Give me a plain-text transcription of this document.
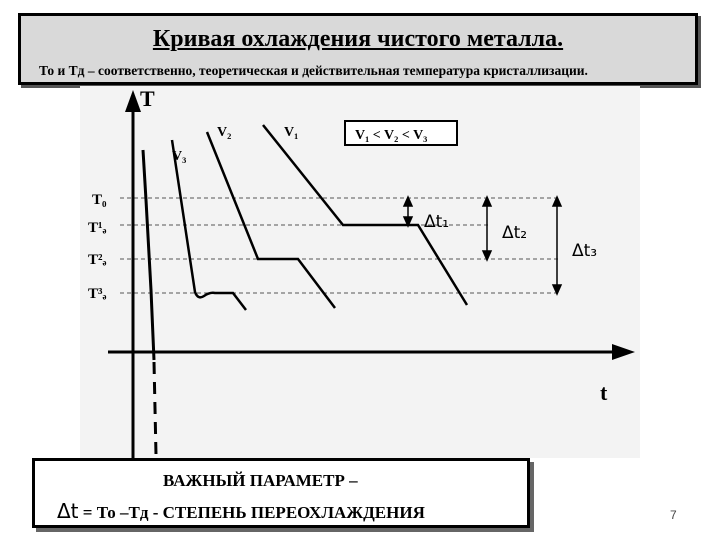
Кривая охлаждения чистого металла.
То и Тд – соответственно, теоретическая и действительная температура кристаллизации.
T
t
T₀
T¹ₔ
T²ₔ
T³ₔ
V₃
V₂	V₁	V₁ < V₂ < V₃
Δt₁
Δt₂
Δt₃
ВАЖНЫЙ ПАРАМЕТР –
Δt = То –Тд - СТЕПЕНЬ ПЕРЕОХЛАЖДЕНИЯ	7
